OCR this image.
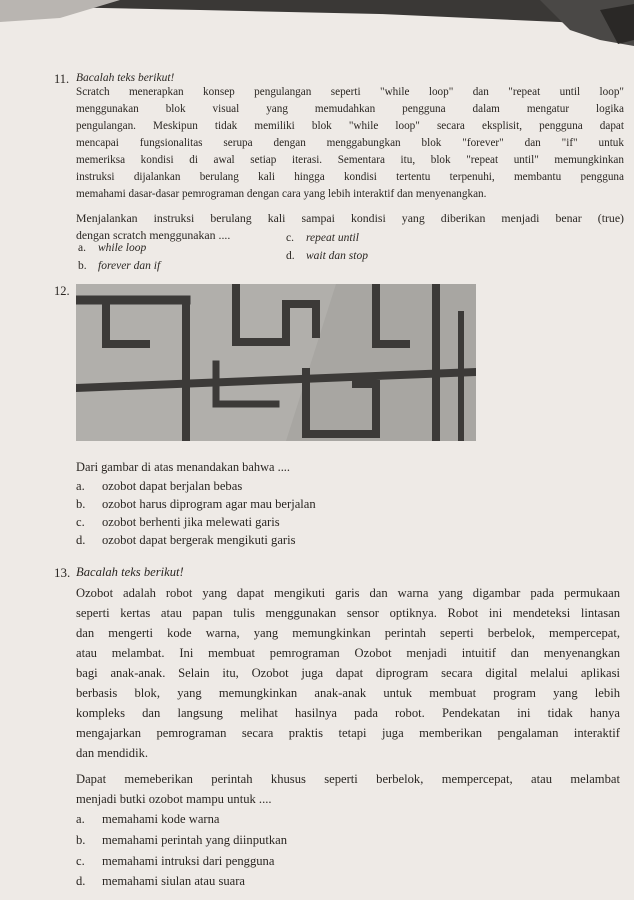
11. Bacalah teks berikut!
Scratch menerapkan konsep pengulangan seperti "while loop" dan "repeat until loop"
menggunakan blok visual yang memudahkan pengguna dalam mengatur logika
pengulangan. Meskipun tidak memiliki blok "while loop" secara eksplisit, pengguna dapat
mencapai fungsionalitas serupa dengan menggabungkan blok "forever" dan "if" untuk
memeriksa kondisi di awal setiap iterasi. Sementara itu, blok "repeat until" memungkinkan
instruksi dijalankan berulang kali hingga kondisi tertentu terpenuhi, membantu pengguna
memahami dasar-dasar pemrograman dengan cara yang lebih interaktif dan menyenangkan.
Menjalankan instruksi berulang kali sampai kondisi yang diberikan menjadi benar (true)
dengan scratch menggunakan ....
a. while loop
b. forever dan if
c. repeat until
d. wait dan stop
12.
Dari gambar di atas menandakan bahwa ....
a. ozobot dapat berjalan bebas
b. ozobot harus diprogram agar mau berjalan
c. ozobot berhenti jika melewati garis
d. ozobot dapat bergerak mengikuti garis
13. Bacalah teks berikut!
Ozobot adalah robot yang dapat mengikuti garis dan warna yang digambar pada permukaan
seperti kertas atau papan tulis menggunakan sensor optiknya. Robot ini mendeteksi lintasan
dan mengerti kode warna, yang memungkinkan perintah seperti berbelok, mempercepat,
atau melambat. Ini membuat pemrograman Ozobot menjadi intuitif dan menyenangkan
bagi anak-anak. Selain itu, Ozobot juga dapat diprogram secara digital melalui aplikasi
berbasis blok, yang memungkinkan anak-anak untuk membuat program yang lebih
kompleks dan langsung melihat hasilnya pada robot. Pendekatan ini tidak hanya
mengajarkan pemrograman secara praktis tetapi juga memberikan pengalaman interaktif
dan mendidik.
Dapat memeberikan perintah khusus seperti berbelok, mempercepat, atau melambat
menjadi butki ozobot mampu untuk ....
a. memahami kode warna
b. memahami perintah yang diinputkan
c. memahami intruksi dari pengguna
d. memahami siulan atau suara
